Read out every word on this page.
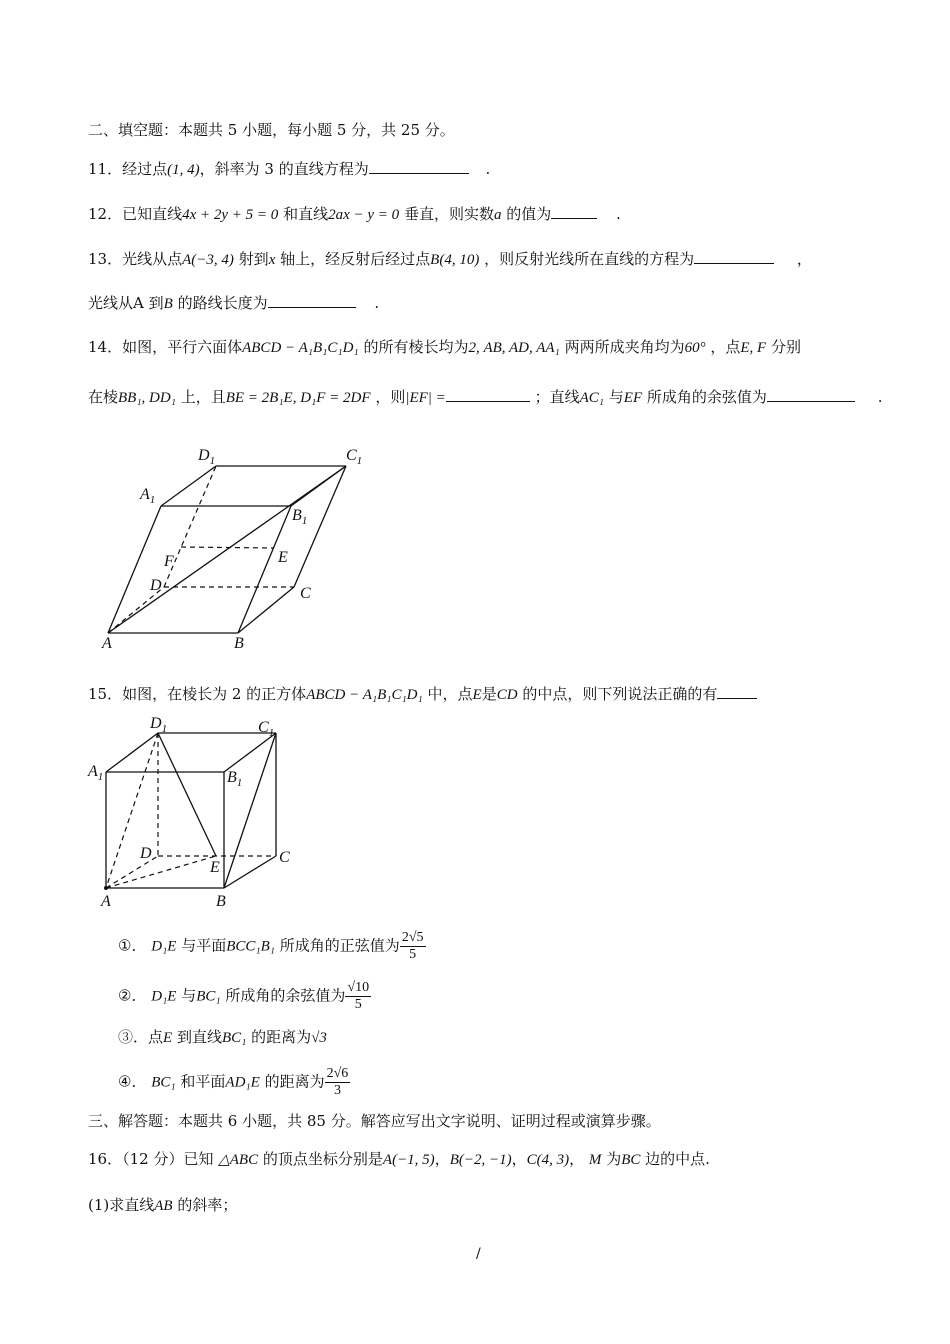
二、填空题：本题共 5 小题，每小题 5 分，共 25 分。
11．经过点(1, 4)，斜率为 3 的直线方程为	.
12．已知直线4x + 2y + 5 = 0 和直线2ax − y = 0 垂直，则实数a 的值为	.
13．光线从点A(−3, 4) 射到x 轴上，经反射后经过点B(4, 10) ，则反射光线所在直线的方程为	，
光线从A 到B 的路线长度为	.
14．如图，平行六面体ABCD − A₁B₁C₁D₁ 的所有棱长均为2, AB, AD, AA₁ 两两所成夹角均为60° ，点E, F 分别
在棱BB₁, DD₁ 上，且BE = 2B₁E, D₁F = 2DF ，则|EF| =	；直线AC₁ 与EF 所成角的余弦值为	.
$D_1$	$C_1$
$A_1$
$B_1$
F	E
D	C
A	B
15．如图，在棱长为 2 的正方体ABCD − A₁B₁C₁D₁ 中，点E是CD 的中点，则下列说法正确的有
$D_1$	$C_1$
$A_1$	$B_1$
D
E
C
A	B
①． D₁E 与平面BCC₁B₁ 所成角的正弦值为 $\frac{2√5}{5}$
②． D₁E 与BC₁ 所成角的余弦值为 $\frac{√10}{5}$
③．点E 到直线BC₁ 的距离为√3
④． BC₁ 和平面AD₁E 的距离为 $\frac{2√6}{3}$
三、解答题：本题共 6 小题，共 85 分。解答应写出文字说明、证明过程或演算步骤。
16．（12 分）已知 △ABC 的顶点坐标分别是A(−1, 5)，B(−2, −1)，C(4, 3)， M 为BC 边的中点.
(1)求直线AB 的斜率；
/
